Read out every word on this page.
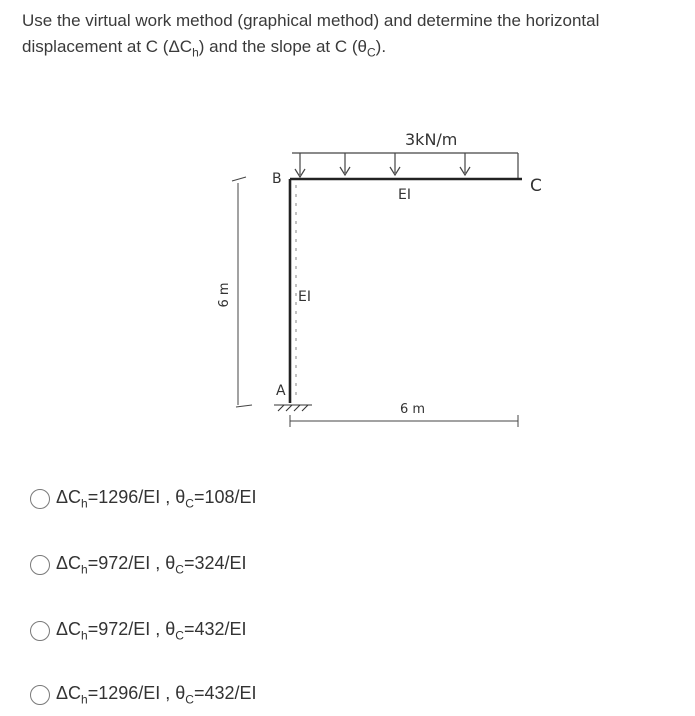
Use the virtual work method (graphical method) and determine the horizontal displacement at C $(\Delta C_h)$ and the slope at C $(\theta_C)$.

3kN/m
B
A
C
EI
EI
6 m
6 m
$\Delta C_h=1296/EI$ , $\theta_C=108/EI$
$\Delta C_h=972/EI$ , $\theta_C=324/EI$
$\Delta C_h=972/EI$ , $\theta_C=432/EI$
$\Delta C_h=1296/EI$ , $\theta_C=432/EI$
